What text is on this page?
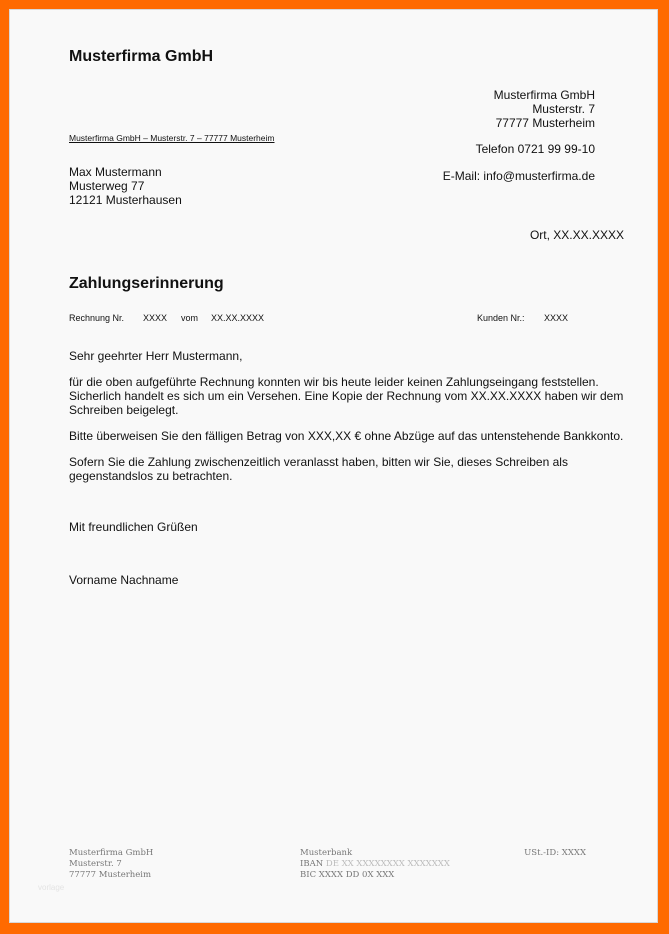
Musterfirma GmbH
Musterfirma GmbH
Musterstr. 7
77777 Musterheim
Musterfirma GmbH – Musterstr. 7 – 77777 Musterheim
Telefon 0721 99 99-10
E-Mail: info@musterfirma.de
Max Mustermann
Musterweg 77
12121 Musterhausen
Ort, XX.XX.XXXX
Zahlungserinnerung
Rechnung Nr. XXXX vom XX.XX.XXXX	Kunden Nr.: XXXX
Sehr geehrter Herr Mustermann,
für die oben aufgeführte Rechnung konnten wir bis heute leider keinen Zahlungseingang feststellen.
Sicherlich handelt es sich um ein Versehen. Eine Kopie der Rechnung vom XX.XX.XXXX haben wir dem
Schreiben beigelegt.
Bitte überweisen Sie den fälligen Betrag von XXX,XX € ohne Abzüge auf das untenstehende Bankkonto.
Sofern Sie die Zahlung zwischenzeitlich veranlasst haben, bitten wir Sie, dieses Schreiben als
gegenstandslos zu betrachten.
Mit freundlichen Grüßen
Vorname Nachname
Musterfirma GmbH
Musterstr. 7
77777 Musterheim
Musterbank
IBAN DE XX XXXXXXXX XXXXXXX
BIC XXXX DD 0X XXX
USt.-ID: XXXX
vorlage
